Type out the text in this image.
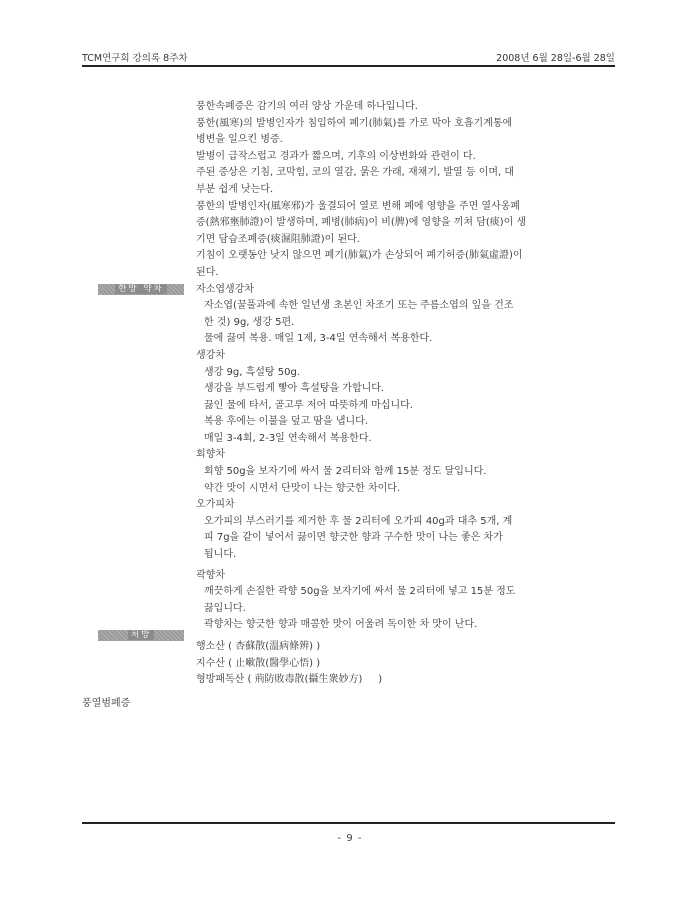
TCM연구회 강의록 8주차	2008년 6월 28일-6월 28일
한방 약차
처방

풍한속폐증은 감기의 여러 양상 가운데 하나입니다.

풍한(風寒)의 발병인자가 침입하여 폐기(肺氣)를 가로 막아 호흡기계통에

병변을 일으킨 병증.

발병이 급작스럽고 경과가 짧으며, 기후의 이상변화와 관련이 다.

주된 증상은 기침, 코막힘, 코의 열감, 묽은 가래, 재채기, 발열 등 이며, 대

부분 쉽게 낫는다.

풍한의 발병인자(風寒邪)가 울결되어 열로 변해 폐에 영향을 주면 열사옹폐

증(熱邪壅肺證)이 발생하며, 폐병(肺病)이 비(脾)에 영향을 끼쳐 담(痰)이 생

기면 담습조폐증(痰濕阻肺證)이 된다.

기침이 오랫동안 낫지 않으면 폐기(肺氣)가 손상되어 폐기허증(肺氣虛證)이

된다.

자소엽생강차

자소엽(꿀풀과에 속한 일년생 초본인 차조기 또는 주름소엽의 잎을 건조

한 것) 9g, 생강 5편.

물에 끓여 복용. 매일 1제, 3-4일 연속해서 복용한다.

생강차

생강 9g, 흑설탕 50g.

생강을 부드럽게 빻아 흑설탕을 가합니다.

끓인 물에 타서, 골고루 저어 따뜻하게 마십니다.

복용 후에는 이불을 덮고 땀을 냅니다.

매일 3-4회, 2-3일 연속해서 복용한다.

회향차

회향 50g을 보자기에 싸서 물 2리터와 함께 15분 정도 달입니다.

약간 맛이 시면서 단맛이 나는 향긋한 차이다.

오가피차

오가피의 부스러기를 제거한 후 물 2리터에 오가피 40g과 대추 5개, 계

피 7g을 같이 넣어서 끓이면 향긋한 향과 구수한 맛이 나는 좋은 차가

됩니다.

곽향차

깨끗하게 손질한 곽향 50g을 보자기에 싸서 물 2리터에 넣고 15분 정도

끓입니다.

곽향차는 향긋한 향과 매콤한 맛이 어울려 독이한 차 맛이 난다.

행소산 ( 杏蘇散(溫病條辨) )

지수산 ( 止嗽散(醫學心悟) )

형방패독산 ( 荊防敗毒散(攝生衆妙方)     )

풍열범폐증
- 9 -
